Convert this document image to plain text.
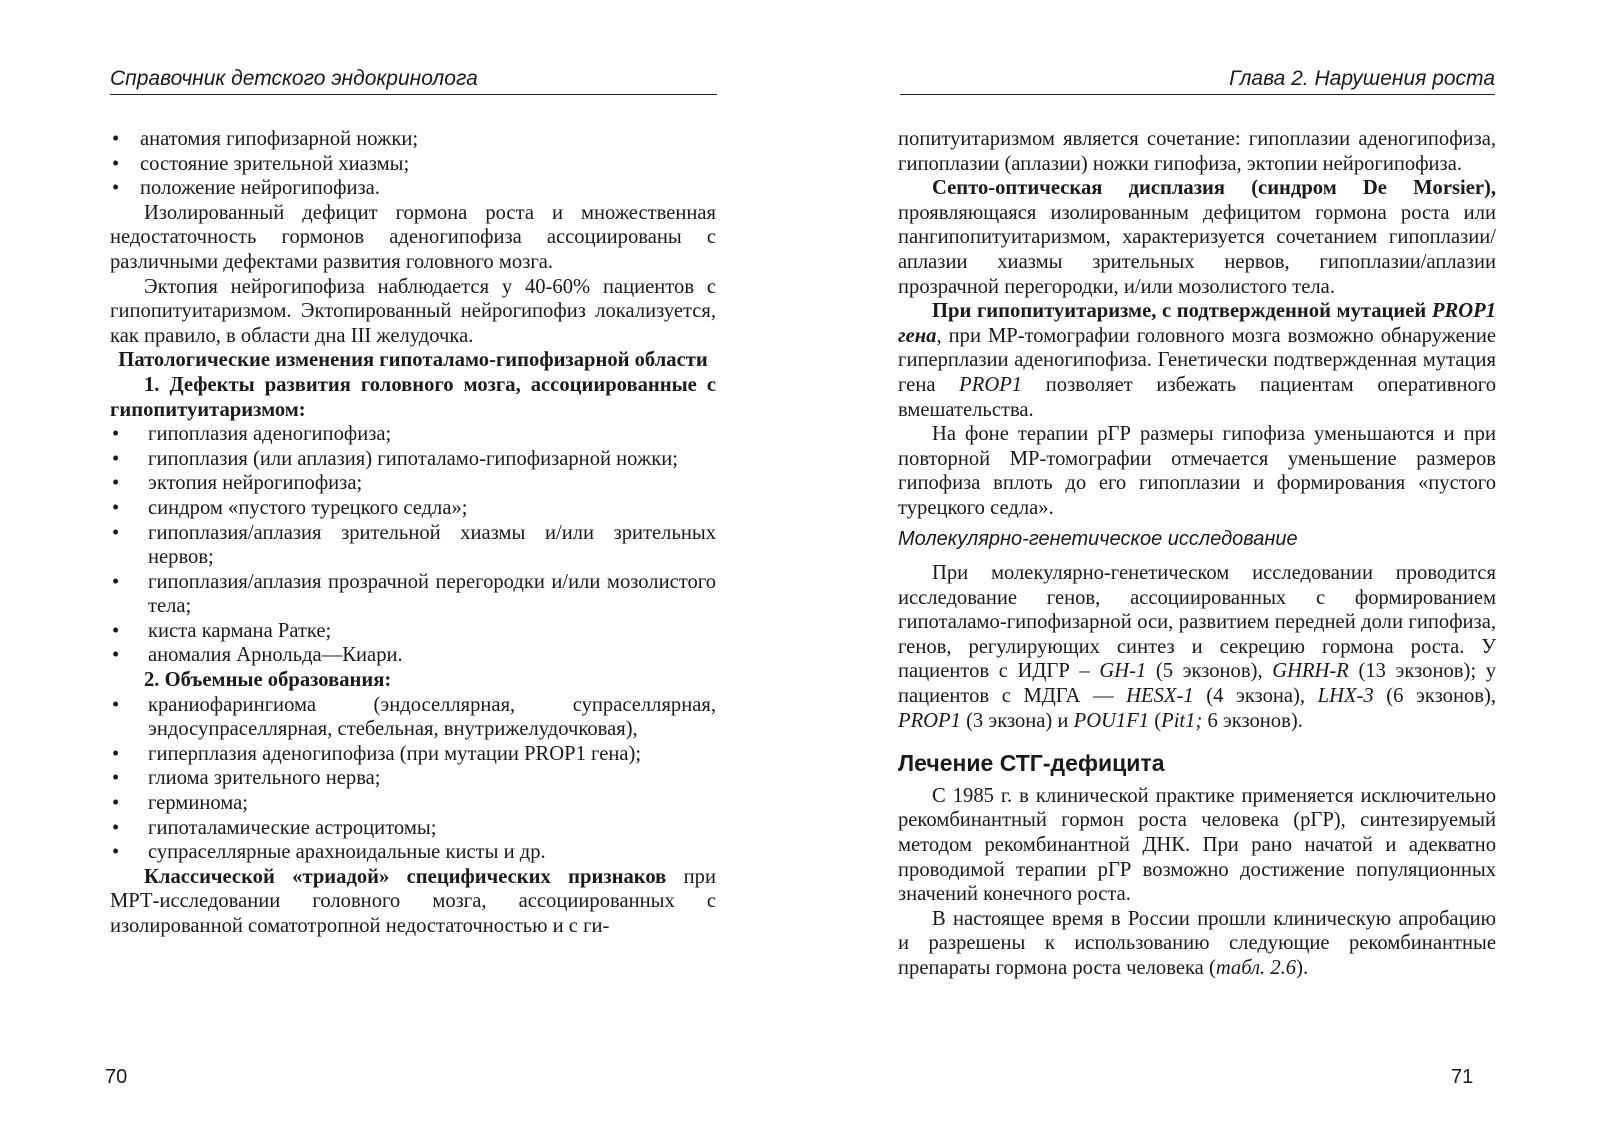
Справочник детского эндокринолога
• анатомия гипофизарной ножки;
• состояние зрительной хиазмы;
• положение нейрогипофиза.

Изолированный дефицит гормона роста и множественная недостаточность гормонов аденогипофиза ассоциированы с различными дефектами развития головного мозга.

Эктопия нейрогипофиза наблюдается у 40-60% пациентов с гипопитуитаризмом. Эктопированный нейрогипофиз локализуется, как правило, в области дна III желудочка.

Патологические изменения гипоталамо-гипофизарной области

1. Дефекты развития головного мозга, ассоциированные с гипопитуитаризмом:

• гипоплазия аденогипофиза;
• гипоплазия (или аплазия) гипоталамо-гипофизарной ножки;
• эктопия нейрогипофиза;
• синдром «пустого турецкого седла»;
• гипоплазия/аплазия зрительной хиазмы и/или зрительных нервов;
• гипоплазия/аплазия прозрачной перегородки и/или мозолистого тела;
• киста кармана Ратке;
• аномалия Арнольда—Киари.

2. Объемные образования:

• краниофарингиома (эндоселлярная, супраселлярная, эндосупраселлярная, стебельная, внутрижелудочковая),
• гиперплазия аденогипофиза (при мутации PROP1 гена);
• глиома зрительного нерва;
• герминома;
• гипоталамические астроцитомы;
• супраселлярные арахноидальные кисты и др.

Классической «триадой» специфических признаков при МРТ-исследовании головного мозга, ассоциированных с изолированной соматотропной недостаточностью и с ги-

70
Глава 2. Нарушения роста

попитуитаризмом является сочетание: гипоплазии аденогипофиза, гипоплазии (аплазии) ножки гипофиза, эктопии нейрогипофиза.

Септо-оптическая дисплазия (синдром De Morsier), проявляющаяся изолированным дефицитом гормона роста или пангипопитуитаризмом, характеризуется сочетанием гипоплазии/аплазии хиазмы зрительных нервов, гипоплазии/аплазии прозрачной перегородки, и/или мозолистого тела.

При гипопитуитаризме, с подтвержденной мутацией PROP1 гена, при МР-томографии головного мозга возможно обнаружение гиперплазии аденогипофиза. Генетически подтвержденная мутация гена PROP1 позволяет избежать пациентам оперативного вмешательства.

На фоне терапии рГР размеры гипофиза уменьшаются и при повторной МР-томографии отмечается уменьшение размеров гипофиза вплоть до его гипоплазии и формирования «пустого турецкого седла».

Молекулярно-генетическое исследование

При молекулярно-генетическом исследовании проводится исследование генов, ассоциированных с формированием гипоталамо-гипофизарной оси, развитием передней доли гипофиза, генов, регулирующих синтез и секрецию гормона роста. У пациентов с ИДГР – GH-1 (5 экзонов), GHRH-R (13 экзонов); у пациентов с МДГА — HESX-1 (4 экзона), LHX-3 (6 экзонов), PROP1 (3 экзона) и POU1F1 (Pit1; 6 экзонов).

Лечение СТГ-дефицита

С 1985 г. в клинической практике применяется исключительно рекомбинантный гормон роста человека (рГР), синтезируемый методом рекомбинантной ДНК. При рано начатой и адекватно проводимой терапии рГР возможно достижение популяционных значений конечного роста.

В настоящее время в России прошли клиническую апробацию и разрешены к использованию следующие рекомбинантные препараты гормона роста человека (табл. 2.6).

71
